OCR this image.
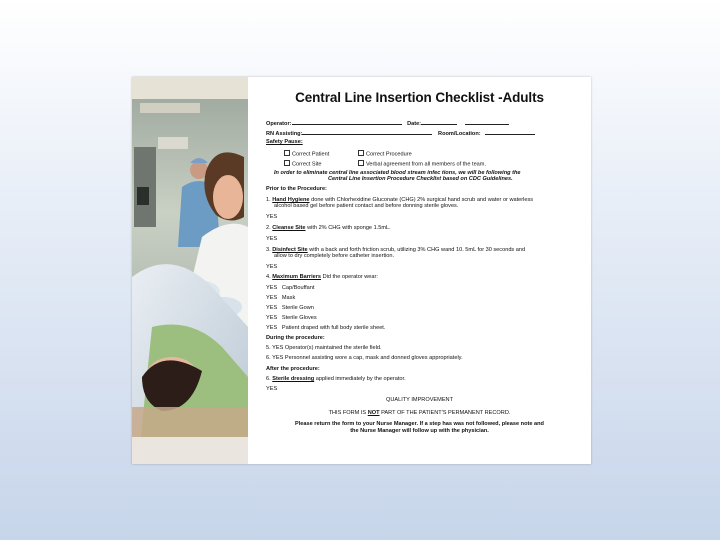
Central Line Insertion Checklist -Adults
Operator:	Date:
RN Assisting:	Room/Location:
Safety Pause:
Correct Patient	Correct Procedure
Correct Site	Verbal agreement from all members of the team.
In order to eliminate central line associated blood stream infec tions, we will be following the
Central Line Insertion Procedure Checklist based on CDC Guidelines.
Prior to the Procedure:
1. Hand Hygiene done with Chlorhexidine Gluconate (CHG) 2% surgical hand scrub and water or waterless
alcohol based gel before patient contact and before donning sterile gloves.
YES
2. Cleanse Site with 2% CHG with sponge 1.5mL.
YES
3. Disinfect Site with a back and forth friction scrub, utilizing 3% CHG wand 10. 5mL for 30 seconds and
allow to dry completely before catheter insertion.
YES
4. Maximum Barriers Did the operator wear:
YES Cap/Bouffant
YES Mask
YES Sterile Gown
YES Sterile Gloves
YES Patient draped with full body sterile sheet.
During the procedure:
5. YES Operator(s) maintained the sterile field.
6. YES Personnel assisting wore a cap, mask and donned gloves appropriately.
After the procedure:
6. Sterile dressing applied immediately by the operator.
YES
QUALITY IMPROVEMENT
THIS FORM IS NOT PART OF THE PATIENT'S PERMANENT RECORD.
Please return the form to your Nurse Manager. If a step has was not followed, please note and
the Nurse Manager will follow up with the physician.
